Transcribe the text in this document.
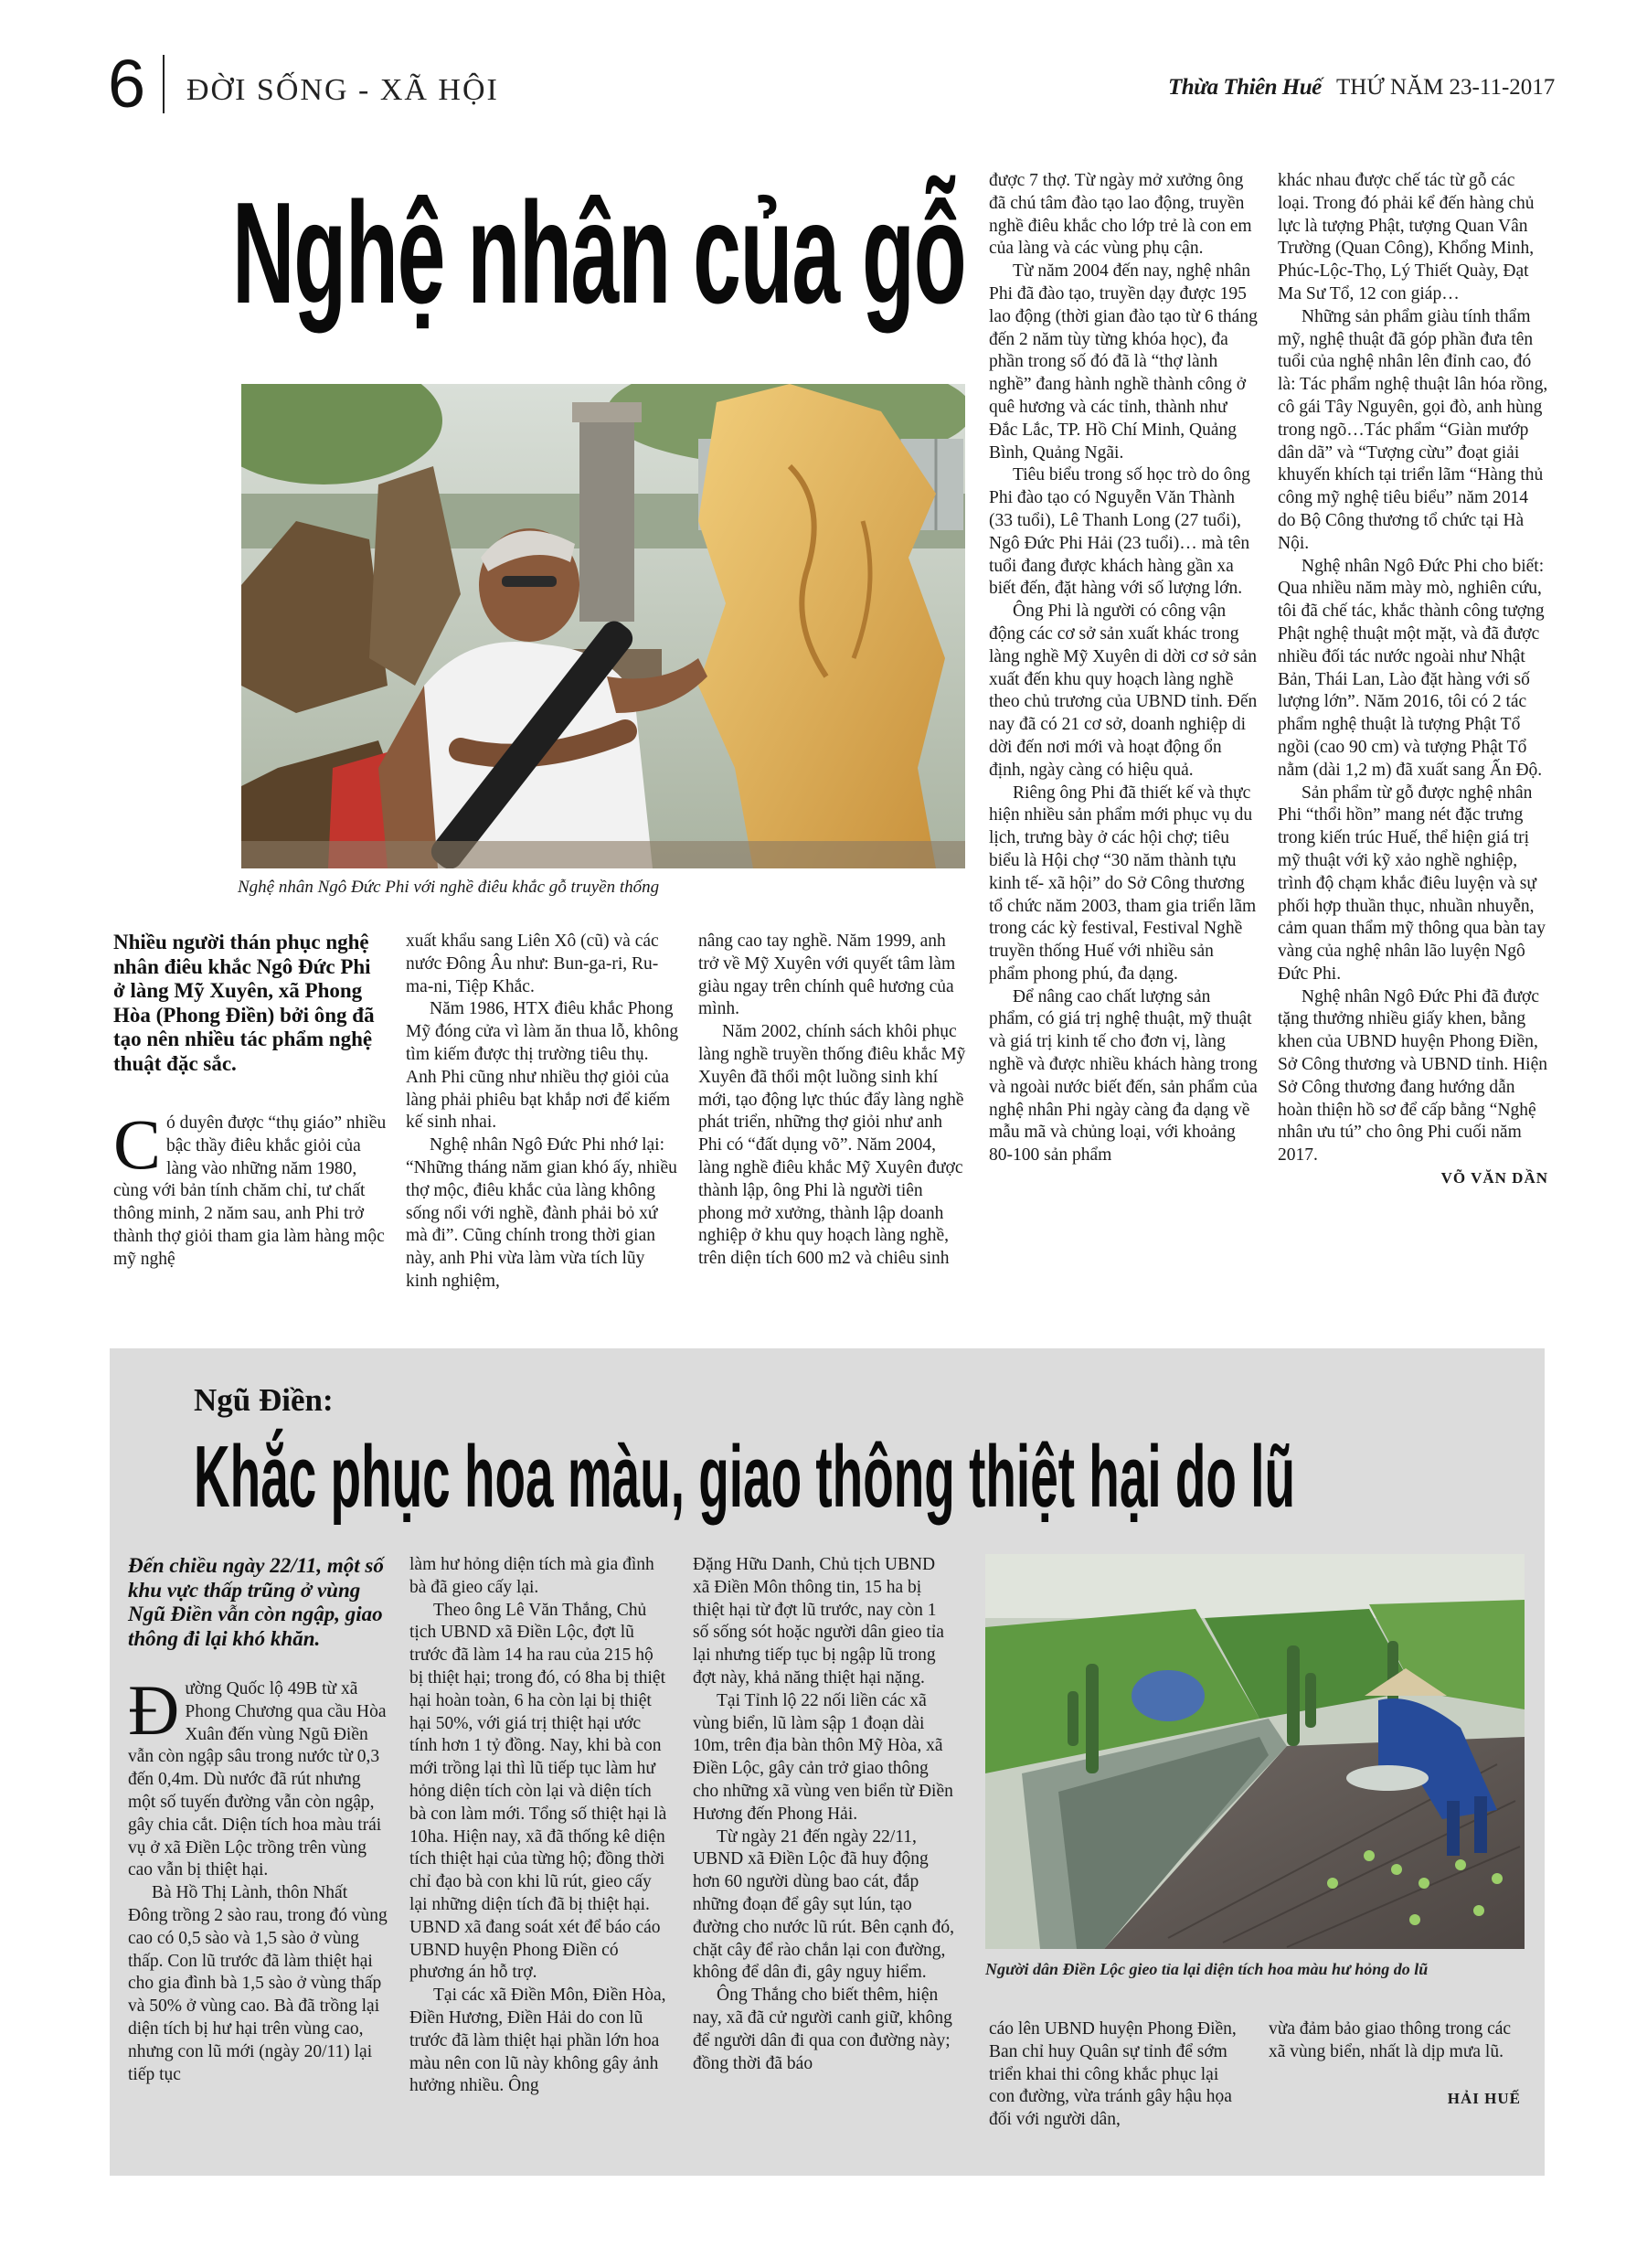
6 ĐỜI SỐNG - XÃ HỘI	Thừa Thiên Huế THỨ NĂM 23-11-2017
Nghệ nhân của gỗ
Nghệ nhân Ngô Đức Phi với nghề điêu khắc gỗ truyền thống

Nhiều người thán phục nghệ nhân điêu khắc Ngô Đức Phi ở làng Mỹ Xuyên, xã Phong Hòa (Phong Điền) bởi ông đã tạo nên nhiều tác phẩm nghệ thuật đặc sắc.

Có duyên được “thụ giáo” nhiều bậc thầy điêu khắc giỏi của làng vào những năm 1980, cùng với bản tính chăm chỉ, tư chất thông minh, 2 năm sau, anh Phi trở thành thợ giỏi tham gia làm hàng mộc mỹ nghệ

xuất khẩu sang Liên Xô (cũ) và các nước Đông Âu như: Bun-ga-ri, Ru-ma-ni, Tiệp Khắc.

Năm 1986, HTX điêu khắc Phong Mỹ đóng cửa vì làm ăn thua lỗ, không tìm kiếm được thị trường tiêu thụ. Anh Phi cũng như nhiều thợ giỏi của làng phải phiêu bạt khắp nơi để kiếm kế sinh nhai.

Nghệ nhân Ngô Đức Phi nhớ lại: “Những tháng năm gian khó ấy, nhiều thợ mộc, điêu khắc của làng không sống nổi với nghề, đành phải bỏ xứ mà đi”. Cũng chính trong thời gian này, anh Phi vừa làm vừa tích lũy kinh nghiệm,

nâng cao tay nghề. Năm 1999, anh trở về Mỹ Xuyên với quyết tâm làm giàu ngay trên chính quê hương của mình.

Năm 2002, chính sách khôi phục làng nghề truyền thống điêu khắc Mỹ Xuyên đã thổi một luồng sinh khí mới, tạo động lực thúc đẩy làng nghề phát triển, những thợ giỏi như anh Phi có “đất dụng võ”. Năm 2004, làng nghề điêu khắc Mỹ Xuyên được thành lập, ông Phi là người tiên phong mở xưởng, thành lập doanh nghiệp ở khu quy hoạch làng nghề, trên diện tích 600 m2 và chiêu sinh

được 7 thợ. Từ ngày mở xưởng ông đã chú tâm đào tạo lao động, truyền nghề điêu khắc cho lớp trẻ là con em của làng và các vùng phụ cận.

Từ năm 2004 đến nay, nghệ nhân Phi đã đào tạo, truyền dạy được 195 lao động (thời gian đào tạo từ 6 tháng đến 2 năm tùy từng khóa học), đa phần trong số đó đã là “thợ lành nghề” đang hành nghề thành công ở quê hương và các tỉnh, thành như Đắc Lắc, TP. Hồ Chí Minh, Quảng Bình, Quảng Ngãi.

Tiêu biểu trong số học trò do ông Phi đào tạo có Nguyễn Văn Thành (33 tuổi), Lê Thanh Long (27 tuổi), Ngô Đức Phi Hải (23 tuổi)… mà tên tuổi đang được khách hàng gần xa biết đến, đặt hàng với số lượng lớn.

Ông Phi là người có công vận động các cơ sở sản xuất khác trong làng nghề Mỹ Xuyên di dời cơ sở sản xuất đến khu quy hoạch làng nghề theo chủ trương của UBND tỉnh. Đến nay đã có 21 cơ sở, doanh nghiệp di dời đến nơi mới và hoạt động ổn định, ngày càng có hiệu quả.

Riêng ông Phi đã thiết kế và thực hiện nhiều sản phẩm mới phục vụ du lịch, trưng bày ở các hội chợ; tiêu biểu là Hội chợ “30 năm thành tựu kinh tế- xã hội” do Sở Công thương tổ chức năm 2003, tham gia triển lãm trong các kỳ festival, Festival Nghề truyền thống Huế với nhiều sản phẩm phong phú, đa dạng.

Để nâng cao chất lượng sản phẩm, có giá trị nghệ thuật, mỹ thuật và giá trị kinh tế cho đơn vị, làng nghề và được nhiều khách hàng trong và ngoài nước biết đến, sản phẩm của nghệ nhân Phi ngày càng đa dạng về mẫu mã và chủng loại, với khoảng 80-100 sản phẩm

khác nhau được chế tác từ gỗ các loại. Trong đó phải kể đến hàng chủ lực là tượng Phật, tượng Quan Vân Trường (Quan Công), Khổng Minh, Phúc-Lộc-Thọ, Lý Thiết Quày, Đạt Ma Sư Tổ, 12 con giáp…

Những sản phẩm giàu tính thẩm mỹ, nghệ thuật đã góp phần đưa tên tuổi của nghệ nhân lên đỉnh cao, đó là: Tác phẩm nghệ thuật lân hóa rồng, cô gái Tây Nguyên, gọi đò, anh hùng trong ngõ…Tác phẩm “Giàn mướp dân dã” và “Tượng cừu” đoạt giải khuyến khích tại triển lãm “Hàng thủ công mỹ nghệ tiêu biểu” năm 2014 do Bộ Công thương tổ chức tại Hà Nội.

Nghệ nhân Ngô Đức Phi cho biết: Qua nhiều năm mày mò, nghiên cứu, tôi đã chế tác, khắc thành công tượng Phật nghệ thuật một mặt, và đã được nhiều đối tác nước ngoài như Nhật Bản, Thái Lan, Lào đặt hàng với số lượng lớn”. Năm 2016, tôi có 2 tác phẩm nghệ thuật là tượng Phật Tổ ngồi (cao 90 cm) và tượng Phật Tổ nằm (dài 1,2 m) đã xuất sang Ấn Độ.

Sản phẩm từ gỗ được nghệ nhân Phi “thổi hồn” mang nét đặc trưng trong kiến trúc Huế, thể hiện giá trị mỹ thuật với kỹ xảo nghề nghiệp, trình độ chạm khắc điêu luyện và sự phối hợp thuần thục, nhuần nhuyễn, cảm quan thẩm mỹ thông qua bàn tay vàng của nghệ nhân lão luyện Ngô Đức Phi.

Nghệ nhân Ngô Đức Phi đã được tặng thưởng nhiều giấy khen, bằng khen của UBND huyện Phong Điền, Sở Công thương và UBND tỉnh. Hiện Sở Công thương đang hướng dẫn hoàn thiện hồ sơ để cấp bằng “Nghệ nhân ưu tú” cho ông Phi cuối năm 2017.

VÕ VĂN DẦN

Ngũ Điền:
Khắc phục hoa màu, giao thông thiệt hại do lũ

Đến chiều ngày 22/11, một số khu vực thấp trũng ở vùng Ngũ Điền vẫn còn ngập, giao thông đi lại khó khăn.

Đường Quốc lộ 49B từ xã Phong Chương qua cầu Hòa Xuân đến vùng Ngũ Điền vẫn còn ngập sâu trong nước từ 0,3 đến 0,4m. Dù nước đã rút nhưng một số tuyến đường vẫn còn ngập, gây chia cắt. Diện tích hoa màu trái vụ ở xã Điền Lộc trồng trên vùng cao vẫn bị thiệt hại.

Bà Hồ Thị Lành, thôn Nhất Đông trồng 2 sào rau, trong đó vùng cao có 0,5 sào và 1,5 sào ở vùng thấp. Con lũ trước đã làm thiệt hại cho gia đình bà 1,5 sào ở vùng thấp và 50% ở vùng cao. Bà đã trồng lại diện tích bị hư hại trên vùng cao, nhưng con lũ mới (ngày 20/11) lại tiếp tục

làm hư hỏng diện tích mà gia đình bà đã gieo cấy lại.

Theo ông Lê Văn Thắng, Chủ tịch UBND xã Điền Lộc, đợt lũ trước đã làm 14 ha rau của 215 hộ bị thiệt hại; trong đó, có 8ha bị thiệt hại hoàn toàn, 6 ha còn lại bị thiệt hại 50%, với giá trị thiệt hại ước tính hơn 1 tỷ đồng. Nay, khi bà con mới trồng lại thì lũ tiếp tục làm hư hỏng diện tích còn lại và diện tích bà con làm mới. Tổng số thiệt hại là 10ha. Hiện nay, xã đã thống kê diện tích thiệt hại của từng hộ; đồng thời chỉ đạo bà con khi lũ rút, gieo cấy lại những diện tích đã bị thiệt hại. UBND xã đang soát xét để báo cáo UBND huyện Phong Điền có phương án hỗ trợ.

Tại các xã Điền Môn, Điền Hòa, Điền Hương, Điền Hải do con lũ trước đã làm thiệt hại phần lớn hoa màu nên con lũ này không gây ảnh hưởng nhiều. Ông

Đặng Hữu Danh, Chủ tịch UBND xã Điền Môn thông tin, 15 ha bị thiệt hại từ đợt lũ trước, nay còn 1 số sống sót hoặc người dân gieo tỉa lại nhưng tiếp tục bị ngập lũ trong đợt này, khả năng thiệt hại nặng.

Tại Tỉnh lộ 22 nối liền các xã vùng biển, lũ làm sập 1 đoạn dài 10m, trên địa bàn thôn Mỹ Hòa, xã Điền Lộc, gây cản trở giao thông cho những xã vùng ven biển từ Điền Hương đến Phong Hải.

Từ ngày 21 đến ngày 22/11, UBND xã Điền Lộc đã huy động hơn 60 người dùng bao cát, đắp những đoạn để gây sụt lún, tạo đường cho nước lũ rút. Bên cạnh đó, chặt cây để rào chắn lại con đường, không để dân đi, gây nguy hiểm.

Ông Thắng cho biết thêm, hiện nay, xã đã cử người canh giữ, không để người dân đi qua con đường này; đồng thời đã báo

Người dân Điền Lộc gieo tỉa lại diện tích hoa màu hư hỏng do lũ

cáo lên UBND huyện Phong Điền, Ban chỉ huy Quân sự tỉnh để sớm triển khai thi công khắc phục lại con đường, vừa tránh gây hậu họa đối với người dân,

vừa đảm bảo giao thông trong các xã vùng biển, nhất là dịp mưa lũ.

HẢI HUẾ
